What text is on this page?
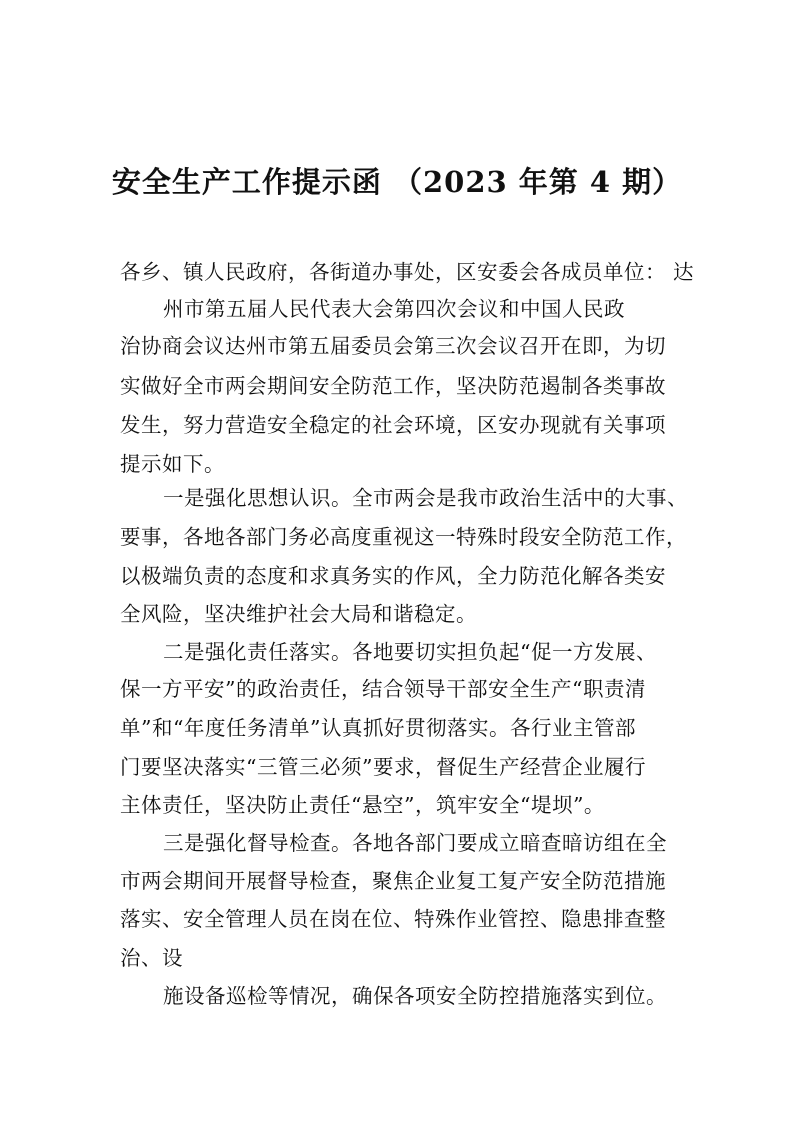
安全生产工作提示函 （2023 年第 4 期）
各乡、镇人民政府，各街道办事处，区安委会各成员单位： 达
州市第五届人民代表大会第四次会议和中国人民政
治协商会议达州市第五届委员会第三次会议召开在即，为切
实做好全市两会期间安全防范工作，坚决防范遏制各类事故
发生，努力营造安全稳定的社会环境，区安办现就有关事项
提示如下。
一是强化思想认识。全市两会是我市政治生活中的大事、
要事，各地各部门务必高度重视这一特殊时段安全防范工作，
以极端负责的态度和求真务实的作风，全力防范化解各类安
全风险，坚决维护社会大局和谐稳定。
二是强化责任落实。各地要切实担负起“促一方发展、
保一方平安”的政治责任，结合领导干部安全生产“职责清
单”和“年度任务清单”认真抓好贯彻落实。各行业主管部
门要坚决落实“三管三必须”要求，督促生产经营企业履行
主体责任，坚决防止责任“悬空”，筑牢安全“堤坝”。
三是强化督导检查。各地各部门要成立暗查暗访组在全
市两会期间开展督导检查，聚焦企业复工复产安全防范措施
落实、安全管理人员在岗在位、特殊作业管控、隐患排查整
治、设
施设备巡检等情况，确保各项安全防控措施落实到位。
